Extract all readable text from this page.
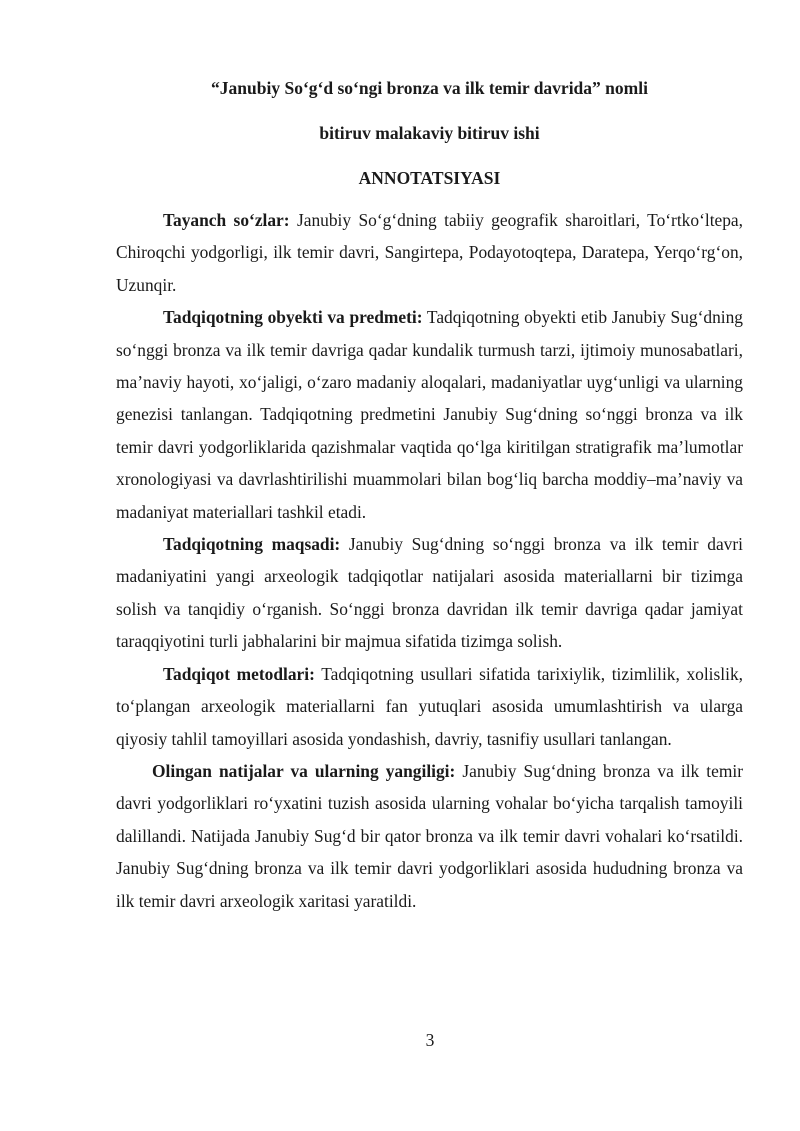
“Janubiy So‘g‘d so‘ngi bronza va ilk temir davrida” nomli

bitiruv malakaviy bitiruv ishi

ANNOTATSIYASI

Tayanch so‘zlar: Janubiy So‘g‘dning tabiiy geografik sharoitlari, To‘rtko‘ltepa, Chiroqchi yodgorligi, ilk temir davri, Sangirtepa, Podayotoqtepa, Daratepa, Yerqo‘rg‘on, Uzunqir.

Tadqiqotning obyekti va predmeti: Tadqiqotning obyekti etib Janubiy Sug‘dning so‘nggi bronza va ilk temir davriga qadar kundalik turmush tarzi, ijtimoiy munosabatlari, ma’naviy hayoti, xo‘jaligi, o‘zaro madaniy aloqalari, madaniyatlar uyg‘unligi va ularning genezisi tanlangan. Tadqiqotning predmetini Janubiy Sug‘dning so‘nggi bronza va ilk temir davri yodgorliklarida qazishmalar vaqtida qo‘lga kiritilgan stratigrafik ma’lumotlar xronologiyasi va davrlashtirilishi muammolari bilan bog‘liq barcha moddiy–ma’naviy va madaniyat materiallari tashkil etadi.

Tadqiqotning maqsadi: Janubiy Sug‘dning so‘nggi bronza va ilk temir davri madaniyatini yangi arxeologik tadqiqotlar natijalari asosida materiallarni bir tizimga solish va tanqidiy o‘rganish. So‘nggi bronza davridan ilk temir davriga qadar jamiyat taraqqiyotini turli jabhalarini bir majmua sifatida tizimga solish.

Tadqiqot metodlari: Tadqiqotning usullari sifatida tarixiylik, tizimlilik, xolislik, to‘plangan arxeologik materiallarni fan yutuqlari asosida umumlashtirish va ularga qiyosiy tahlil tamoyillari asosida yondashish, davriy, tasnifiy usullari tanlangan.

Olingan natijalar va ularning yangiligi: Janubiy Sug‘dning bronza va ilk temir davri yodgorliklari ro‘yxatini tuzish asosida ularning vohalar bo‘yicha tarqalish tamoyili dalillandi. Natijada Janubiy Sug‘d bir qator bronza va ilk temir davri vohalari ko‘rsatildi. Janubiy Sug‘dning bronza va ilk temir davri yodgorliklari asosida hududning bronza va ilk temir davri arxeologik xaritasi yaratildi.

3
